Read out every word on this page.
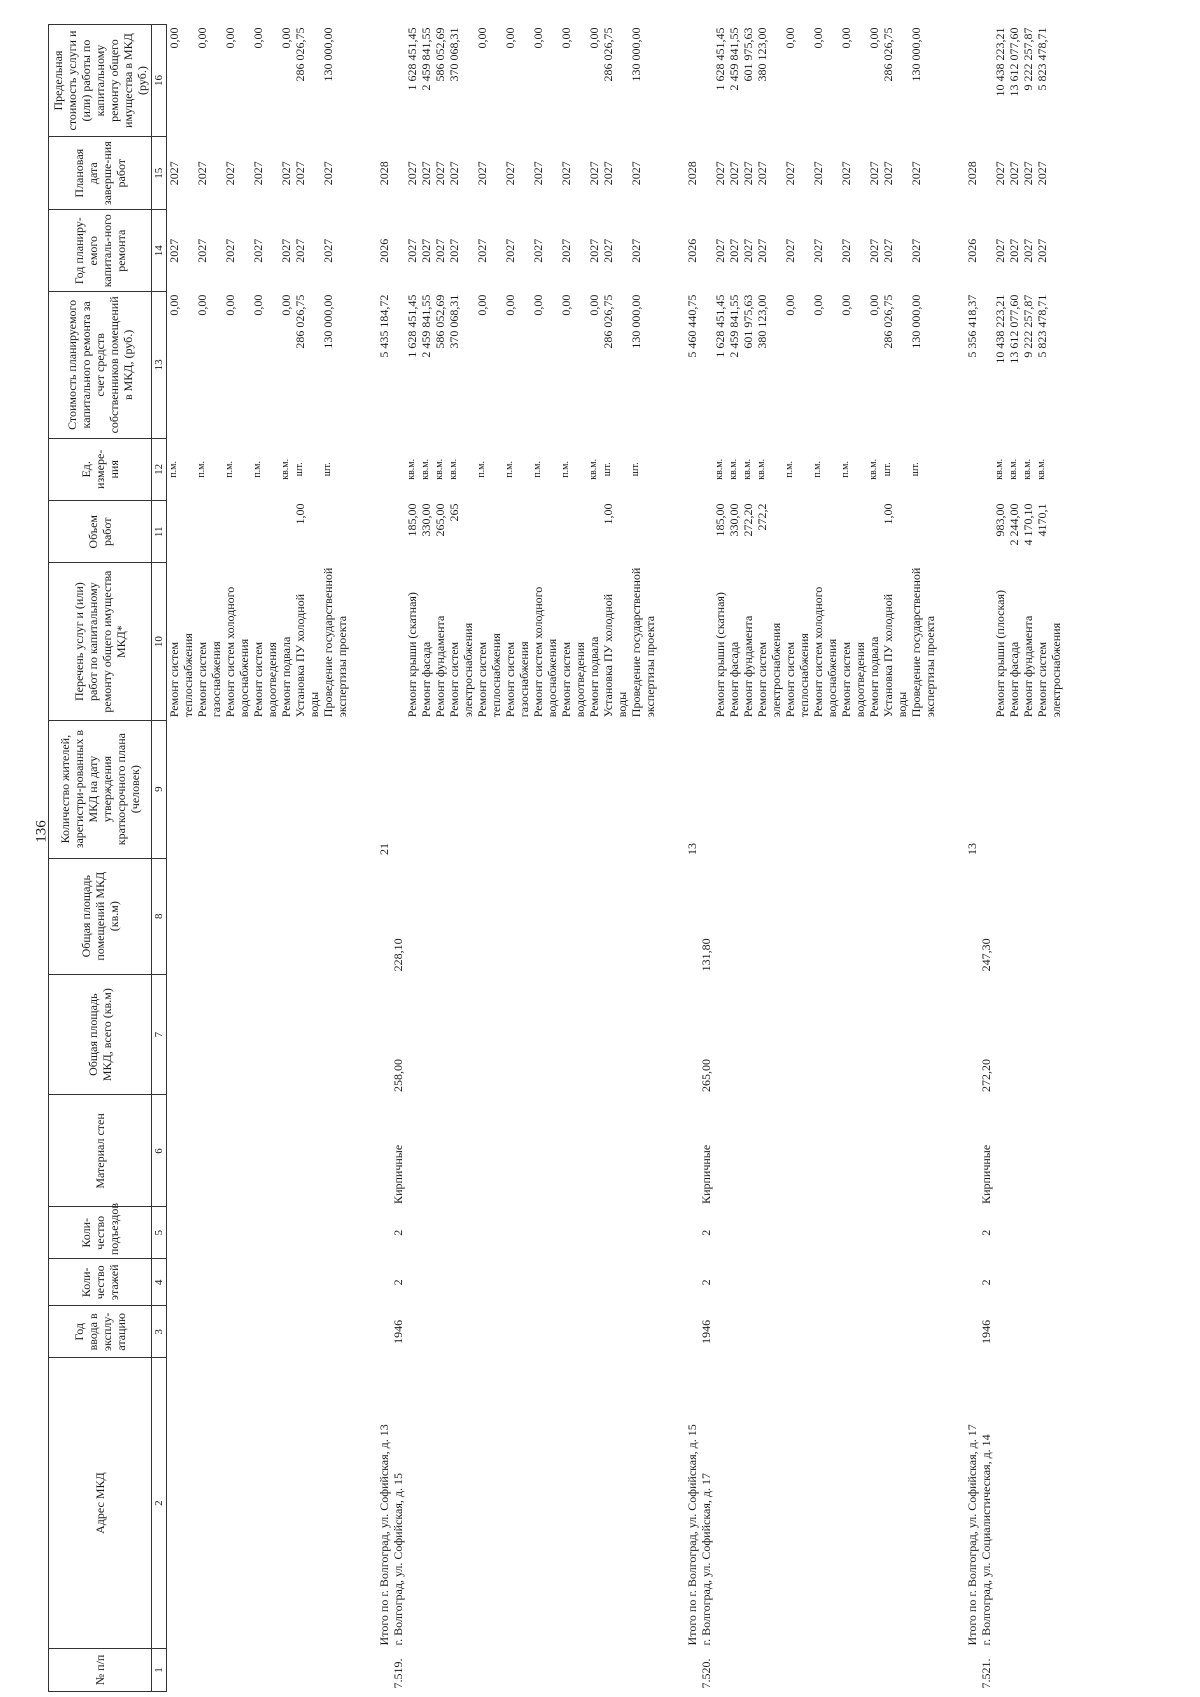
136
№ п/п	Адрес МКД	Год ввода в эксплу-атацию	Коли-чество этажей	Коли-чество подъездов	Материал стен	Общая площадь МКД, всего (кв.м)	Общая площадь помещений МКД (кв.м)	Количество жителей, зарегистри-рованных в МКД на дату утверждения краткосрочного плана (человек)	Перечень услуг и (или) работ по капитальному ремонту общего имущества МКД*	Объем работ	Ед. измере-ния	Стоимость планируемого капитального ремонта за счет средств собственников помещений в МКД, (руб.)	Год планиру-емого капиталь-ного ремонта	Плановая дата заверше-ния работ	Предельная стоимость услуги и (или) работы по капитальному ремонту общего имущества в МКД (руб.)
1	2	3	4	5	6	7	8	9	10	11	12	13	14	15	16
									Ремонт систем теплоснабжения		п.м.	0,00	2027	2027	0,00
									Ремонт систем газоснабжения		п.м.	0,00	2027	2027	0,00
									Ремонт систем холодного водоснабжения		п.м.	0,00	2027	2027	0,00
									Ремонт систем водоотведения		п.м.	0,00	2027	2027	0,00
									Ремонт подвала		кв.м.	0,00	2027	2027	0,00
									Установка ПУ холодной воды	1,00	шт.	286 026,75	2027	2027	286 026,75
									Проведение государственной экспертизы проекта		шт.	130 000,00	2027	2027	130 000,00

	Итого по г. Волгоград, ул. Софийская, д. 13							21				5 435 184,72	2026	2028	
7.519.	г. Волгоград, ул. Софийская, д. 15	1946	2	2	Кирпичные	258,00	228,10								
									Ремонт крыши (скатная)	185,00	кв.м.	1 628 451,45	2027	2027	1 628 451,45
									Ремонт фасада	330,00	кв.м.	2 459 841,55	2027	2027	2 459 841,55
									Ремонт фундамента	265,00	кв.м.	586 052,69	2027	2027	586 052,69
									Ремонт систем электроснабжения	265	кв.м.	370 068,31	2027	2027	370 068,31
									Ремонт систем теплоснабжения		п.м.	0,00	2027	2027	0,00
									Ремонт систем газоснабжения		п.м.	0,00	2027	2027	0,00
									Ремонт систем холодного водоснабжения		п.м.	0,00	2027	2027	0,00
									Ремонт систем водоотведения		п.м.	0,00	2027	2027	0,00
									Ремонт подвала		кв.м.	0,00	2027	2027	0,00
									Установка ПУ холодной воды	1,00	шт.	286 026,75	2027	2027	286 026,75
									Проведение государственной экспертизы проекта		шт.	130 000,00	2027	2027	130 000,00

	Итого по г. Волгоград, ул. Софийская, д. 15							13				5 460 440,75	2026	2028	
7.520.	г. Волгоград, ул. Софийская, д. 17	1946	2	2	Кирпичные	265,00	131,80								
									Ремонт крыши (скатная)	185,00	кв.м.	1 628 451,45	2027	2027	1 628 451,45
									Ремонт фасада	330,00	кв.м.	2 459 841,55	2027	2027	2 459 841,55
									Ремонт фундамента	272,20	кв.м.	601 975,63	2027	2027	601 975,63
									Ремонт систем электроснабжения	272,2	кв.м.	380 123,00	2027	2027	380 123,00
									Ремонт систем теплоснабжения		п.м.	0,00	2027	2027	0,00
									Ремонт систем холодного водоснабжения		п.м.	0,00	2027	2027	0,00
									Ремонт систем водоотведения		п.м.	0,00	2027	2027	0,00
									Ремонт подвала		кв.м.	0,00	2027	2027	0,00
									Установка ПУ холодной воды	1,00	шт.	286 026,75	2027	2027	286 026,75
									Проведение государственной экспертизы проекта		шт.	130 000,00	2027	2027	130 000,00

	Итого по г. Волгоград, ул. Софийская, д. 17							13				5 356 418,37	2026	2028	
7.521.	г. Волгоград, ул. Социалистическая, д. 14	1946	2	2	Кирпичные	272,20	247,30								
									Ремонт крыши (плоская)	983,00	кв.м.	10 438 223,21	2027	2027	10 438 223,21
									Ремонт фасада	2 244,00	кв.м.	13 612 077,60	2027	2027	13 612 077,60
									Ремонт фундамента	4 170,10	кв.м.	9 222 257,87	2027	2027	9 222 257,87
									Ремонт систем электроснабжения	4170,1	кв.м.	5 823 478,71	2027	2027	5 823 478,71
